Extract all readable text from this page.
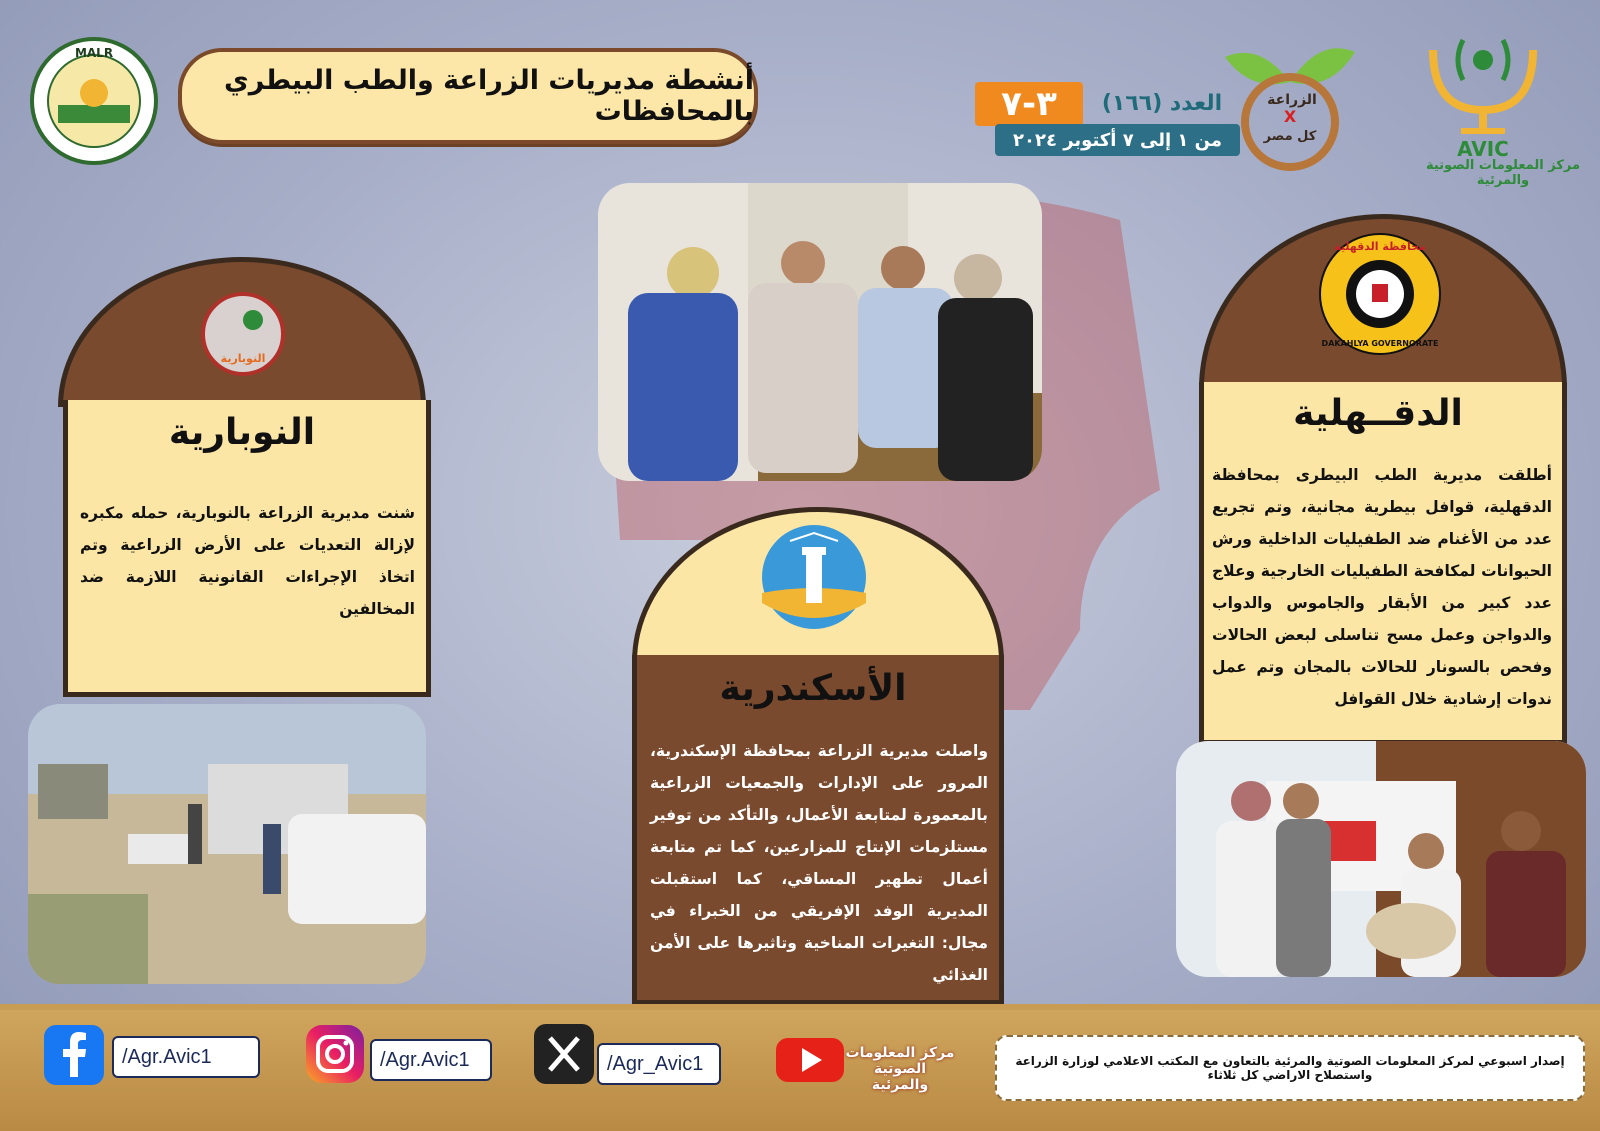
MALR
أنشطة مديريات الزراعة والطب البيطري بالمحافظات	٣-٧	العدد (١٦٦)
من ١ إلى ٧ أكتوبر ٢٠٢٤
الزراعة
X
كل مصر
AVIC
مركز المعلومات الصوتية والمرئية
النوبارية
النوبارية
شنت مديرية الزراعة بالنوبارية، حمله مكبره لإزالة التعديات على الأرض الزراعية وتم اتخاذ الإجراءات القانونية اللازمة ضد المخالفين
محافظة الدقهلية
DAKAHLYA GOVERNORATE
الدقــهلية
أطلقت مديرية الطب البيطرى بمحافظة الدقهلية، قوافل بيطرية مجانية، وتم تجريع عدد من الأغنام ضد الطفيليات الداخلية ورش الحيوانات لمكافحة الطفيليات الخارجية وعلاج عدد كبير من الأبقار والجاموس والدواب والدواجن وعمل مسح تناسلى لبعض الحالات وفحص بالسونار للحالات بالمجان وتم عمل ندوات إرشادية خلال القوافل
الأسكندرية
واصلت مديرية الزراعة بمحافظة الإسكندرية، المرور على الإدارات والجمعيات الزراعية بالمعمورة لمتابعة الأعمال، والتأكد من توفير مستلزمات الإنتاج للمزارعين، كما تم متابعة أعمال تطهير المساقي، كما استقبلت المديرية الوفد الإفريقي من الخبراء في مجال: التغيرات المناخية وتاثيرها على الأمن الغذائي
/Agr.Avic1	/Agr.Avic1	/Agr_Avic1	مركز المعلومات الصوتية والمرئية
إصدار اسبوعي لمركز المعلومات الصوتية والمرئية بالتعاون مع المكتب الاعلامي لوزارة الزراعة واستصلاح الاراضي كل ثلاثاء
